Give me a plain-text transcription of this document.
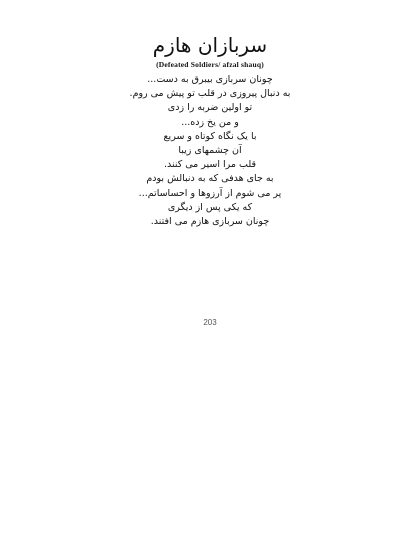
سربازان هازم
(Defeated Soldiers/ afzal shauq)
چونان سربازی بیبرق به دست...
به دنبال پیروزی در قلب تو پیش می روم.
تو اولین ضربه را زدی
و من یخ زده...
با یک نگاه کوتاه و سریع
آن چشمهای زیبا
قلب مرا اسیر می کنند.
به جای هدفی که به دنبالش بودم
پر می شوم از آرزوها و احساساتم...
که یکی پس از دیگری
چونان سربازی هازم می افتند.
203
